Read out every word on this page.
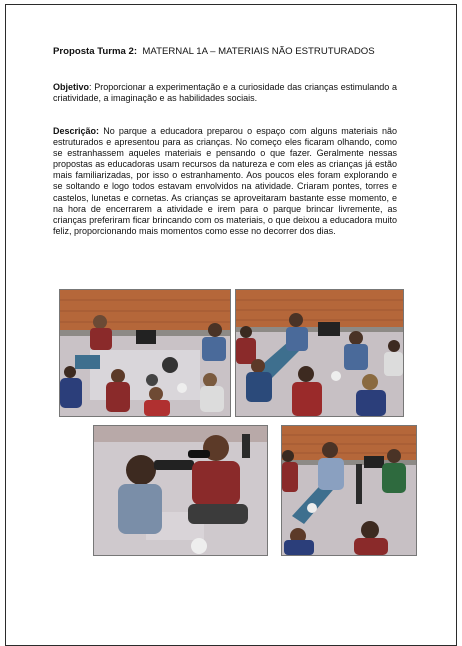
Proposta Turma 2: MATERNAL 1A – MATERIAIS NÃO ESTRUTURADOS
Objetivo: Proporcionar a experimentação e a curiosidade das crianças estimulando a criatividade, a imaginação e as habilidades sociais.
Descrição: No parque a educadora preparou o espaço com alguns materiais não estruturados e apresentou para as crianças. No começo eles ficaram olhando, como se estranhassem aqueles materiais e pensando o que fazer. Geralmente nessas propostas as educadoras usam recursos da natureza e com eles as crianças já estão mais familiarizadas, por isso o estranhamento. Aos poucos eles foram explorando e se soltando e logo todos estavam envolvidos na atividade. Criaram pontes, torres e castelos, lunetas e cornetas. As crianças se aproveitaram bastante esse momento, e na hora de encerrarem a atividade e irem para o parque brincar livremente, as crianças preferiram ficar brincando com os materiais, o que deixou a educadora muito feliz, proporcionando mais momentos como esse no decorrer dos dias.
